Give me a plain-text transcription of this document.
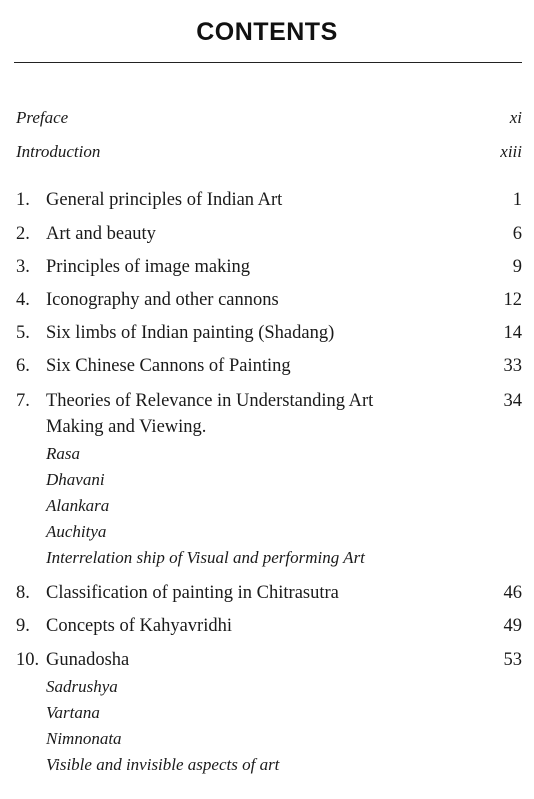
CONTENTS
Preface	xi
Introduction	xiii
1. General principles of Indian Art	1
2. Art and beauty	6
3. Principles of image making	9
4. Iconography and other cannons	12
5. Six limbs of Indian painting (Shadang)	14
6. Six Chinese Cannons of Painting	33
7. Theories of Relevance in Understanding Art	34
Making and Viewing.
Rasa
Dhavani
Alankara
Auchitya
Interrelation ship of Visual and performing Art
8. Classification of painting in Chitrasutra	46
9. Concepts of Kahyavridhi	49
10. Gunadosha	53
Sadrushya
Vartana
Nimnonata
Visible and invisible aspects of art
